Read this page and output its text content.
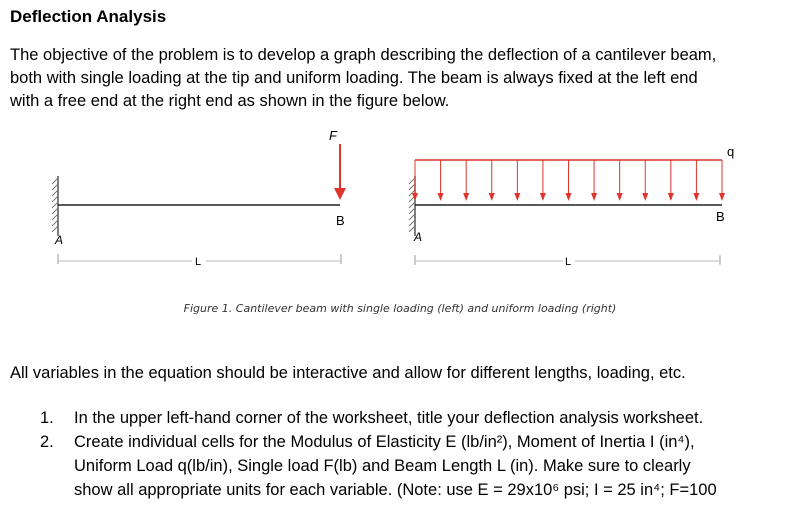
Deflection Analysis
The objective of the problem is to develop a graph describing the deflection of a cantilever beam,
both with single loading at the tip and uniform loading. The beam is always fixed at the left end
with a free end at the right end as shown in the figure below.
F
B
A
L
q
B
A
L
Figure 1. Cantilever beam with single loading (left) and uniform loading (right)
All variables in the equation should be interactive and allow for different lengths, loading, etc.
1. In the upper left-hand corner of the worksheet, title your deflection analysis worksheet.
2. Create individual cells for the Modulus of Elasticity E (lb/in²), Moment of Inertia I (in⁴),
Uniform Load q(lb/in), Single load F(lb) and Beam Length L (in). Make sure to clearly
show all appropriate units for each variable. (Note: use E = 29x10⁶ psi; I = 25 in⁴; F=100
